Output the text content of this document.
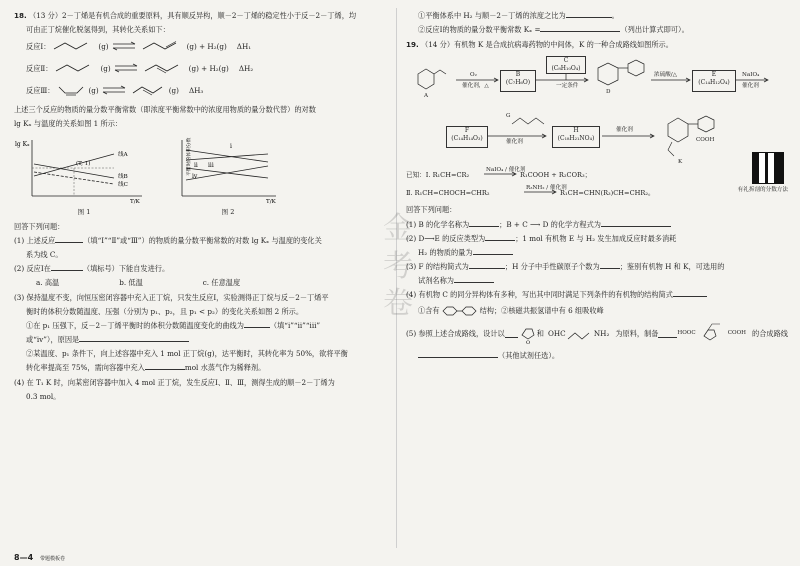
18. （13 分）2－丁烯是有机合成的重要原料，具有顺反异构，顺－2－丁烯的稳定性小于反－2－丁烯，均

可由正丁烷催化脱氢得到，其转化关系如下：

反应Ⅰ：	(g) ⇌	(g) + H₂(g) ΔH₁
反应Ⅱ：	(g) ⇌	(g) + H₂(g) ΔH₂
反应Ⅲ：	(g) ⇌	(g) ΔH₃

上述三个反应的物质的量分数平衡常数（即浓度平衡常数中的浓度用物质的量分数代替）的对数

lg Kₓ 与温度的关系如图 1 所示：

lg Kₓ
线A
线B
线C
(T, 1)
T/K
图 1
平衡时的体积分数	i
ii iii
iv
T/K
图 2

回答下列问题：

(1) 上述反应	（填“Ⅰ”“Ⅱ”或“Ⅲ”）的物质的量分数平衡常数的对数 lg Kₓ 与温度的变化关

系为线 C。

(2) 反应Ⅰ在	（填标号）下能自发进行。

a. 高温	b. 低温	c. 任意温度

(3) 保持温度不变，向恒压密闭容器中充入正丁烷，只发生反应Ⅰ，实验测得正丁烷与反－2－丁烯平

衡时的体积分数随温度、压强（分别为 p₁、p₂，且 p₁ < p₂）的变化关系如图 2 所示。

①在 p₁ 压强下，反－2－丁烯平衡时的体积分数随温度变化的曲线为	（填“i”“ii”“iii”

或“iv”），原因是

②某温度、p₁ 条件下，向上述容器中充入 1 mol 正丁烷(g)，达平衡时，其转化率为 50%，欲将平衡

转化率提高至 75%，需向容器中充入	mol 水蒸气作为稀释剂。

(4) 在 T₁ K 时，向某密闭容器中加入 4 mol 正丁烷，发生反应Ⅰ、Ⅱ、Ⅲ，测得生成的顺－2－丁烯为

0.3 mol。

金
考
卷

①平衡体系中 H₂ 与顺－2－丁烯的浓度之比为	。

②反应Ⅰ的物质的量分数平衡常数 Kₓ =	（列出计算式即可）。

19. （14 分）有机物 K 是合成抗病毒药物的中间体，K 的一种合成路线如图所示。

A
O₂
催化剂，△
B
(C₇H₆O)
C
(C₈H₁₀O₄)
一定条件
D
浓硫酸/△	E
(C₁₄H₁₂O₄)
NaIO₄
催化剂
F
(C₁₄H₁₄O₃)
G
催化剂
H
(C₁₈H₂₁NO₄)
催化剂
COOH
K
有礼拆剖的分数方法
已知：Ⅰ. R₁CH=CR₂
NaIO₄ / 催化剂
R₁COOH + R₂COR₃；
Ⅱ. R₁CH=CHOCH=CHR₂
R₃NH₂ / 催化剂
R₁CH=CHN(R₃)CH=CHR₂。

回答下列问题：

(1) B 的化学名称为	；B + C ⟶ D 的化学方程式为

(2) D⟶E 的反应类型为	；1 mol 有机物 E 与 H₂ 发生加成反应时最多消耗

H₂ 的物质的量为

(3) F 的结构简式为	；H 分子中手性碳原子个数为	；鉴别有机物 H 和 K，可选用的

试剂名称为

(4) 有机物 C 的同分异构体有多种，写出其中同时满足下列条件的有机物的结构简式

①含有	结构；②核磁共振氢谱中有 6 组吸收峰

(5) 参照上述合成路线，设计以
O
和 OHC	NH₂ 为原料，制备	HOOC	COOH 的合成路线

（其他试剂任选）。

8—4 带题模板卷
